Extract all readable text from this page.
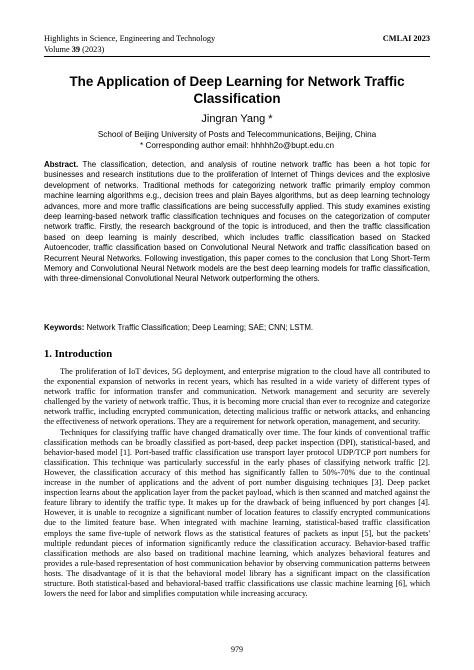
Highlights in Science, Engineering and Technology
Volume 39 (2023)
CMLAI 2023
The Application of Deep Learning for Network Traffic Classification
Jingran Yang *
School of Beijing University of Posts and Telecommunications, Beijing, China
* Corresponding author email: hhhhh2o@bupt.edu.cn
Abstract. The classification, detection, and analysis of routine network traffic has been a hot topic for businesses and research institutions due to the proliferation of Internet of Things devices and the explosive development of networks. Traditional methods for categorizing network traffic primarily employ common machine learning algorithms e.g., decision trees and plain Bayes algorithms, but as deep learning technology advances, more and more traffic classifications are being successfully applied. This study examines existing deep learning-based network traffic classification techniques and focuses on the categorization of computer network traffic. Firstly, the research background of the topic is introduced, and then the traffic classification based on deep learning is mainly described, which includes traffic classification based on Stacked Autoencoder, traffic classification based on Convolutional Neural Network and traffic classification based on Recurrent Neural Networks. Following investigation, this paper comes to the conclusion that Long Short-Term Memory and Convolutional Neural Network models are the best deep learning models for traffic classification, with three-dimensional Convolutional Neural Network outperforming the others.
Keywords: Network Traffic Classification; Deep Learning; SAE; CNN; LSTM.
1. Introduction

The proliferation of IoT devices, 5G deployment, and enterprise migration to the cloud have all contributed to the exponential expansion of networks in recent years, which has resulted in a wide variety of different types of network traffic for information transfer and communication. Network management and security are severely challenged by the variety of network traffic. Thus, it is becoming more crucial than ever to recognize and categorize network traffic, including encrypted communication, detecting malicious traffic or network attacks, and enhancing the effectiveness of network operations. They are a requirement for network operation, management, and security.

Techniques for classifying traffic have changed dramatically over time. The four kinds of conventional traffic classification methods can be broadly classified as port-based, deep packet inspection (DPI), statistical-based, and behavior-based model [1]. Port-based traffic classification use transport layer protocol UDP/TCP port numbers for classification. This technique was particularly successful in the early phases of classifying network traffic [2]. However, the classification accuracy of this method has significantly fallen to 50%-70% due to the continual increase in the number of applications and the advent of port number disguising techniques [3]. Deep packet inspection learns about the application layer from the packet payload, which is then scanned and matched against the feature library to identify the traffic type. It makes up for the drawback of being influenced by port changes [4]. However, it is unable to recognize a significant number of location features to classify encrypted communications due to the limited feature base. When integrated with machine learning, statistical-based traffic classification employs the same five-tuple of network flows as the statistical features of packets as input [5], but the packets' multiple redundant pieces of information significantly reduce the classification accuracy. Behavior-based traffic classification methods are also based on traditional machine learning, which analyzes behavioral features and provides a rule-based representation of host communication behavior by observing communication patterns between hosts. The disadvantage of it is that the behavioral model library has a significant impact on the classification structure. Both statistical-based and behavioral-based traffic classifications use classic machine learning [6], which lowers the need for labor and simplifies computation while increasing accuracy.

979
